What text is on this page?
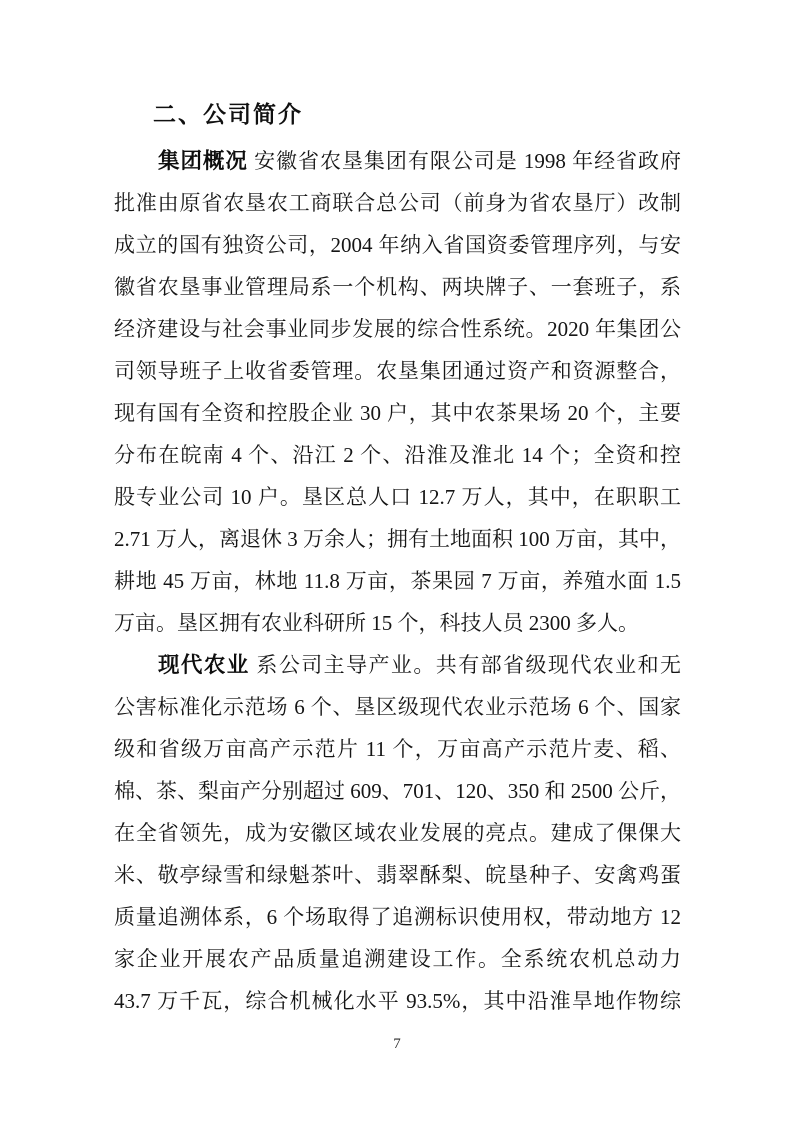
二、公司简介
集团概况 安徽省农垦集团有限公司是 1998 年经省政府
批准由原省农垦农工商联合总公司（前身为省农垦厅）改制
成立的国有独资公司，2004 年纳入省国资委管理序列，与安
徽省农垦事业管理局系一个机构、两块牌子、一套班子，系
经济建设与社会事业同步发展的综合性系统。2020 年集团公
司领导班子上收省委管理。农垦集团通过资产和资源整合，
现有国有全资和控股企业 30 户，其中农茶果场 20 个，主要
分布在皖南 4 个、沿江 2 个、沿淮及淮北 14 个；全资和控
股专业公司 10 户。垦区总人口 12.7 万人，其中，在职职工
2.71 万人，离退休 3 万余人；拥有土地面积 100 万亩，其中，
耕地 45 万亩，林地 11.8 万亩，茶果园 7 万亩，养殖水面 1.5
万亩。垦区拥有农业科研所 15 个，科技人员 2300 多人。
现代农业 系公司主导产业。共有部省级现代农业和无
公害标准化示范场 6 个、垦区级现代农业示范场 6 个、国家
级和省级万亩高产示范片 11 个，万亩高产示范片麦、稻、
棉、茶、梨亩产分别超过 609、701、120、350 和 2500 公斤，
在全省领先，成为安徽区域农业发展的亮点。建成了倮倮大
米、敬亭绿雪和绿魁茶叶、翡翠酥梨、皖垦种子、安禽鸡蛋
质量追溯体系，6 个场取得了追溯标识使用权，带动地方 12
家企业开展农产品质量追溯建设工作。全系统农机总动力
43.7 万千瓦，综合机械化水平 93.5%，其中沿淮旱地作物综
7
